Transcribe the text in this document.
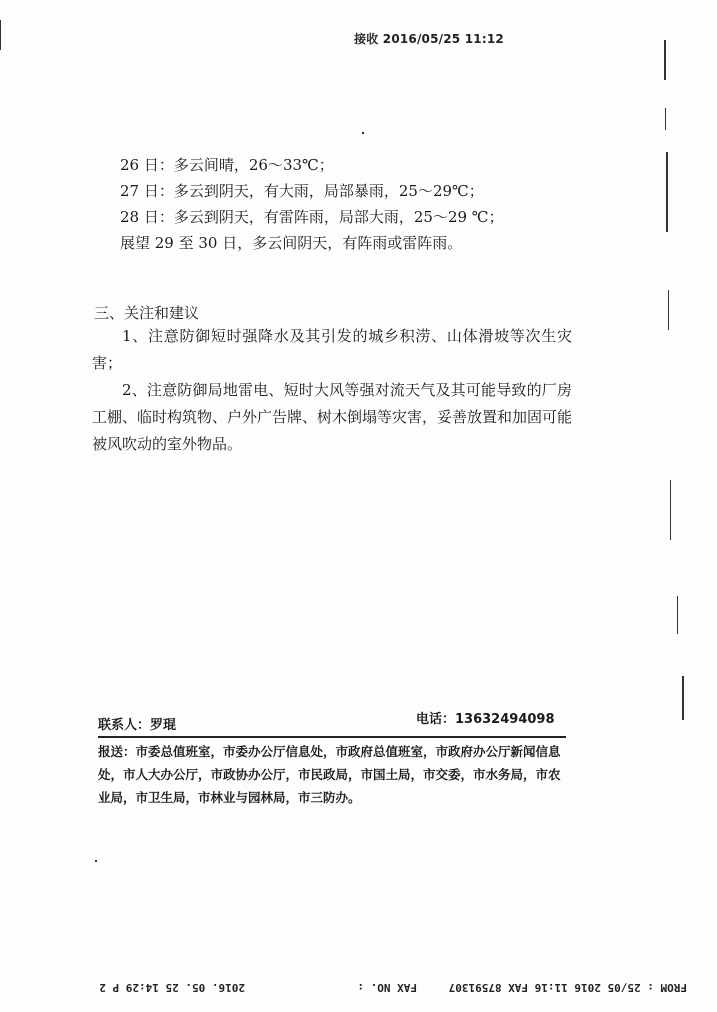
接收 2016/05/25 11:12
26 日：多云间晴，26～33℃；
27 日：多云到阴天，有大雨，局部暴雨，25～29℃；
28 日：多云到阴天，有雷阵雨，局部大雨，25～29 ℃；
展望 29 至 30 日，多云间阴天，有阵雨或雷阵雨。
三、关注和建议

1、注意防御短时强降水及其引发的城乡积涝、山体滑坡等次生灾害；

2、注意防御局地雷电、短时大风等强对流天气及其可能导致的厂房工棚、临时构筑物、户外广告牌、树木倒塌等灾害，妥善放置和加固可能被风吹动的室外物品。

联系人：罗琨	电话：13632494098
报送：市委总值班室，市委办公厅信息处，市政府总值班室，市政府办公厅新闻信息处，市人大办公厅，市政协办公厅，市民政局，市国土局，市交委，市水务局，市农业局，市卫生局，市林业与园林局，市三防办。
FROM : 25/05 2016 11:16 FAX 87591307
FAX NO. :
2016. 05. 25 14:29 P 2
